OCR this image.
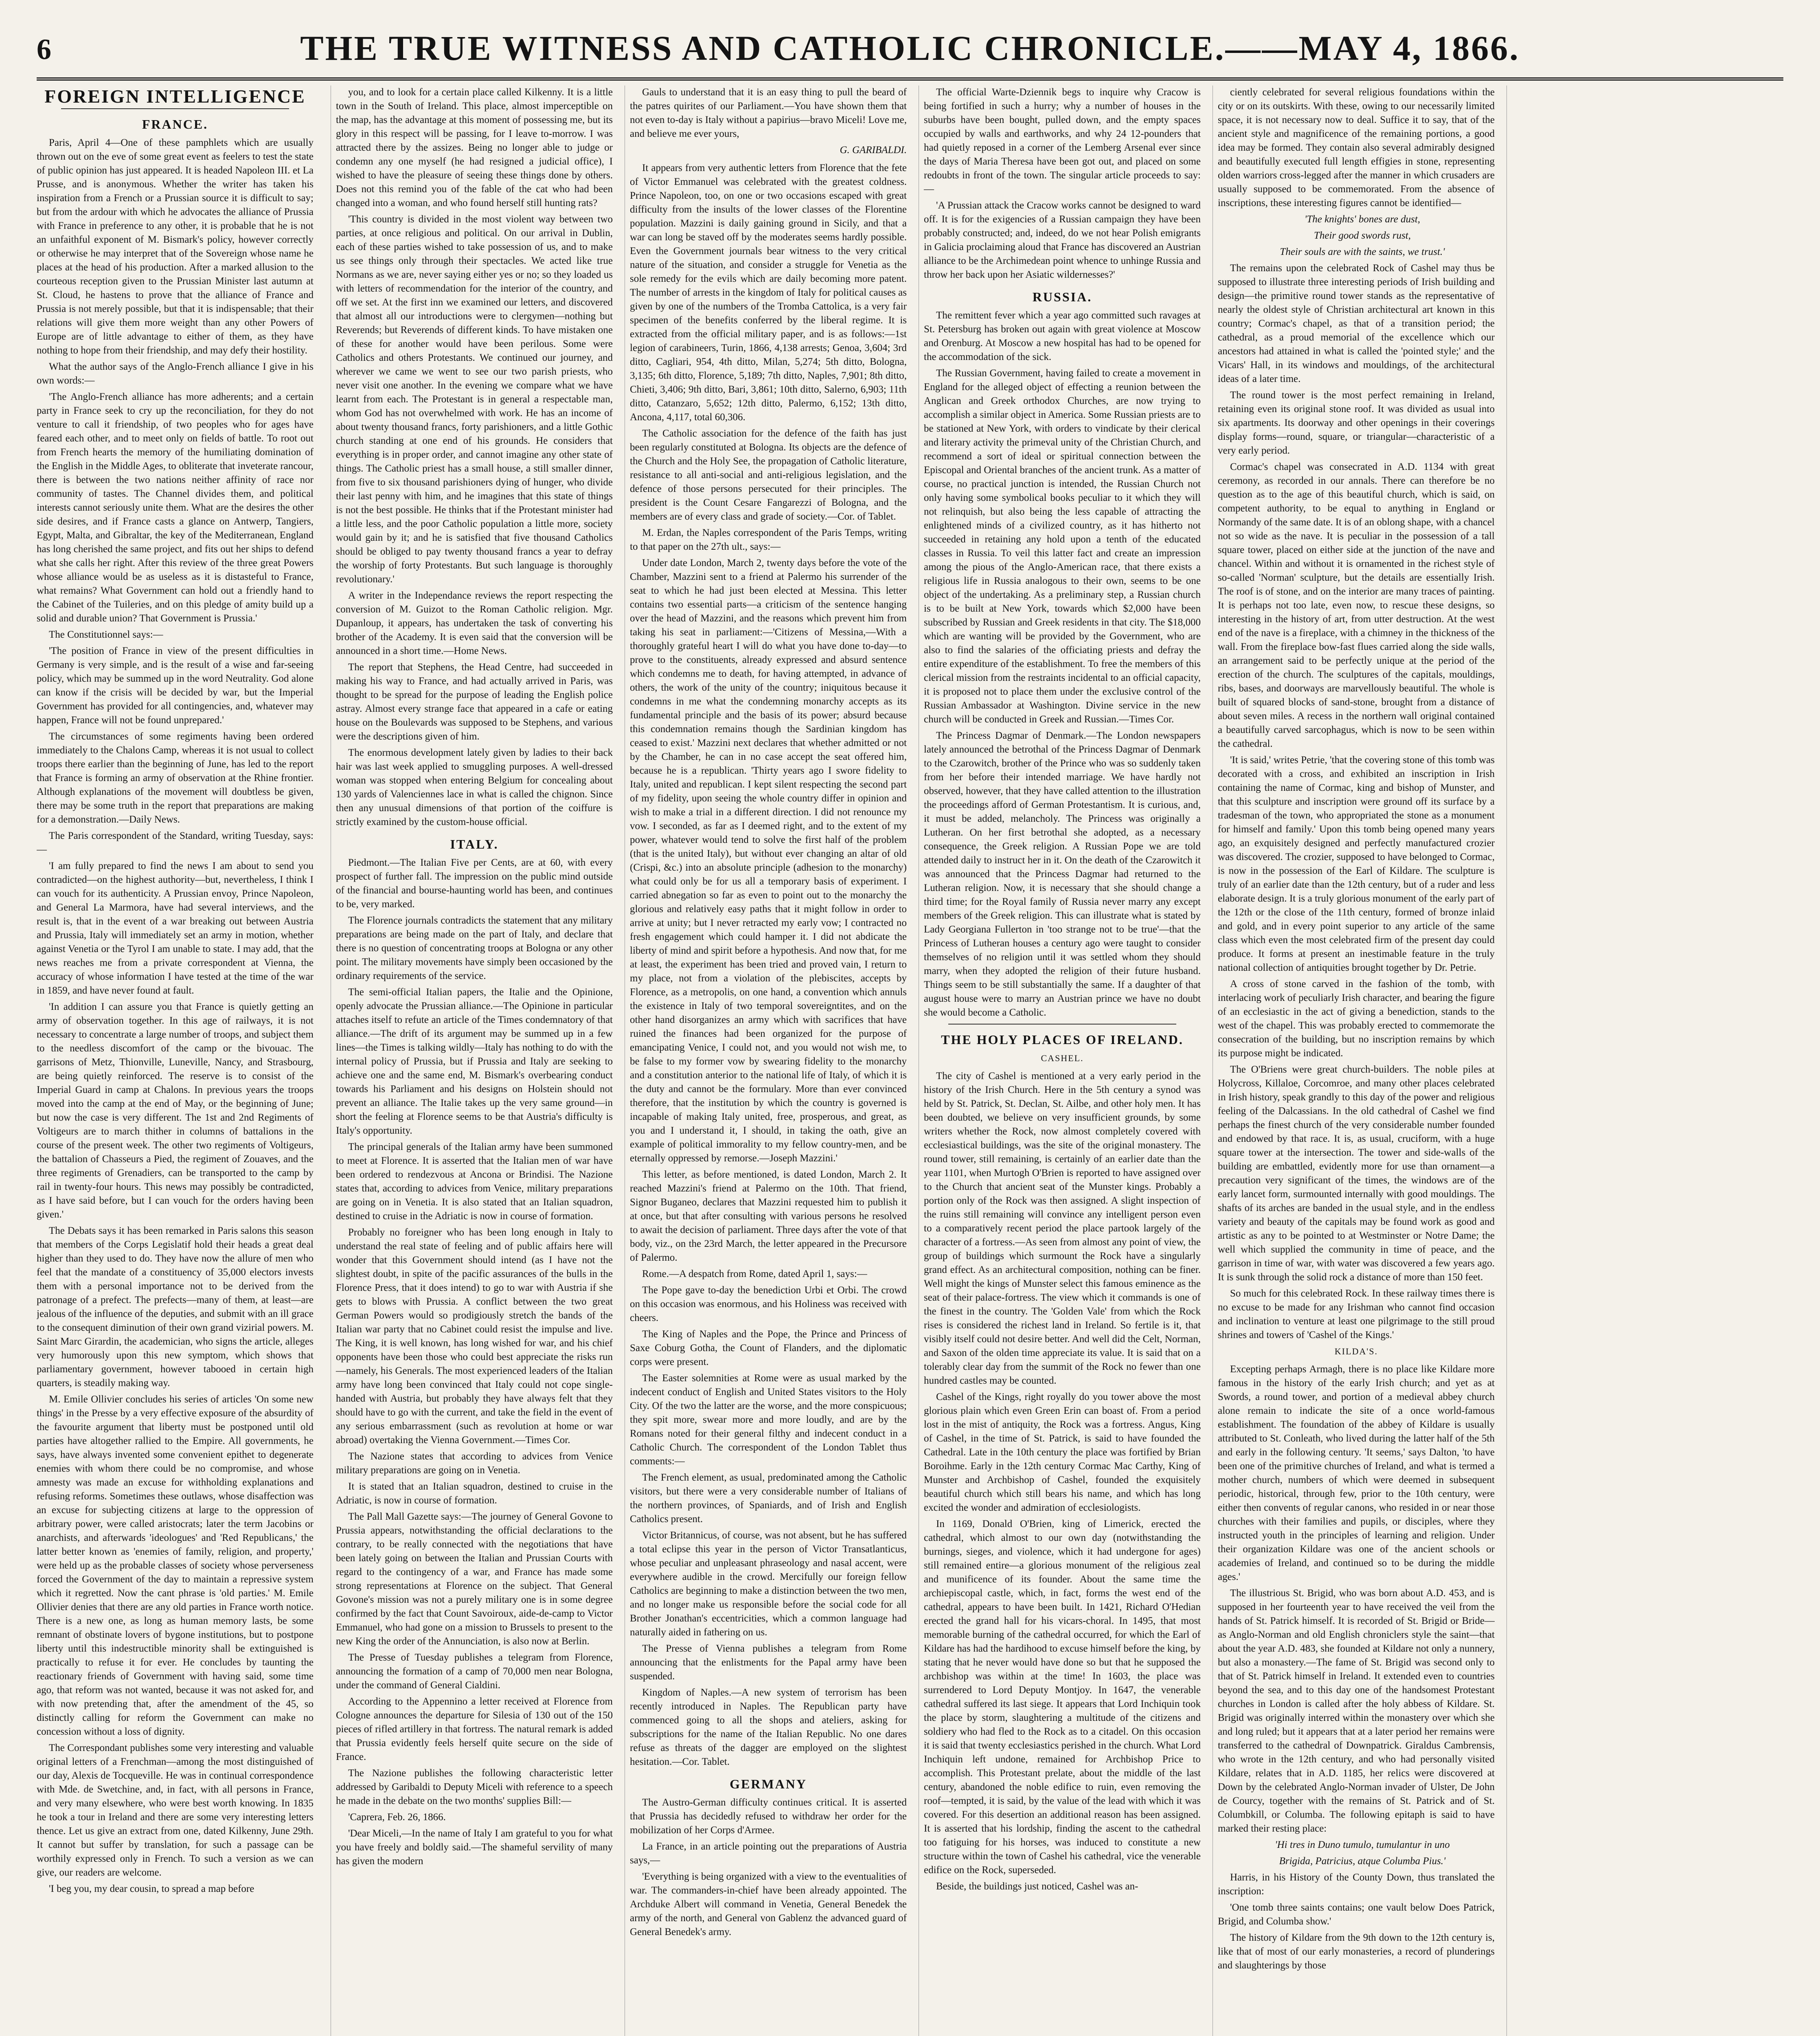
6	THE TRUE WITNESS AND CATHOLIC CHRONICLE.——MAY 4, 1866.
FOREIGN INTELLIGENCE
FRANCE.

Paris, April 4—One of these pamphlets which are usually thrown out on the eve of some great event as feelers to test the state of public opinion has just appeared. It is headed Napoleon III. et La Prusse, and is anonymous. Whether the writer has taken his inspiration from a French or a Prussian source it is difficult to say; but from the ardour with which he advocates the alliance of Prussia with France in preference to any other, it is probable that he is not an unfaithful exponent of M. Bismark's policy, however correctly or otherwise he may interpret that of the Sovereign whose name he places at the head of his production. After a marked allusion to the courteous reception given to the Prussian Minister last autumn at St. Cloud, he hastens to prove that the alliance of France and Prussia is not merely possible, but that it is indispensable; that their relations will give them more weight than any other Powers of Europe are of little advantage to either of them, as they have nothing to hope from their friendship, and may defy their hostility.

What the author says of the Anglo-French alliance I give in his own words:—

'The Anglo-French alliance has more adherents; and a certain party in France seek to cry up the reconciliation, for they do not venture to call it friendship, of two peoples who for ages have feared each other, and to meet only on fields of battle. To root out from French hearts the memory of the humiliating domination of the English in the Middle Ages, to obliterate that inveterate rancour, there is between the two nations neither affinity of race nor community of tastes. The Channel divides them, and political interests cannot seriously unite them. What are the desires the other side desires, and if France casts a glance on Antwerp, Tangiers, Egypt, Malta, and Gibraltar, the key of the Mediterranean, England has long cherished the same project, and fits out her ships to defend what she calls her right. After this review of the three great Powers whose alliance would be as useless as it is distasteful to France, what remains? What Government can hold out a friendly hand to the Cabinet of the Tuileries, and on this pledge of amity build up a solid and durable union? That Government is Prussia.'

The Constitutionnel says:—

'The position of France in view of the present difficulties in Germany is very simple, and is the result of a wise and far-seeing policy, which may be summed up in the word Neutrality. God alone can know if the crisis will be decided by war, but the Imperial Government has provided for all contingencies, and, whatever may happen, France will not be found unprepared.'

The circumstances of some regiments having been ordered immediately to the Chalons Camp, whereas it is not usual to collect troops there earlier than the beginning of June, has led to the report that France is forming an army of observation at the Rhine frontier. Although explanations of the movement will doubtless be given, there may be some truth in the report that preparations are making for a demonstration.—Daily News.

The Paris correspondent of the Standard, writing Tuesday, says:—

'I am fully prepared to find the news I am about to send you contradicted—on the highest authority—but, nevertheless, I think I can vouch for its authenticity. A Prussian envoy, Prince Napoleon, and General La Marmora, have had several interviews, and the result is, that in the event of a war breaking out between Austria and Prussia, Italy will immediately set an army in motion, whether against Venetia or the Tyrol I am unable to state. I may add, that the news reaches me from a private correspondent at Vienna, the accuracy of whose information I have tested at the time of the war in 1859, and have never found at fault.

'In addition I can assure you that France is quietly getting an army of observation together. In this age of railways, it is not necessary to concentrate a large number of troops, and subject them to the needless discomfort of the camp or the bivouac. The garrisons of Metz, Thionville, Luneville, Nancy, and Strasbourg, are being quietly reinforced. The reserve is to consist of the Imperial Guard in camp at Chalons. In previous years the troops moved into the camp at the end of May, or the beginning of June; but now the case is very different. The 1st and 2nd Regiments of Voltigeurs are to march thither in columns of battalions in the course of the present week. The other two regiments of Voltigeurs, the battalion of Chasseurs a Pied, the regiment of Zouaves, and the three regiments of Grenadiers, can be transported to the camp by rail in twenty-four hours. This news may possibly be contradicted, as I have said before, but I can vouch for the orders having been given.'

The Debats says it has been remarked in Paris salons this season that members of the Corps Legislatif hold their heads a great deal higher than they used to do. They have now the allure of men who feel that the mandate of a constituency of 35,000 electors invests them with a personal importance not to be derived from the patronage of a prefect. The prefects—many of them, at least—are jealous of the influence of the deputies, and submit with an ill grace to the consequent diminution of their own grand vizirial powers. M. Saint Marc Girardin, the academician, who signs the article, alleges very humorously upon this new symptom, which shows that parliamentary government, however tabooed in certain high quarters, is steadily making way.

M. Emile Ollivier concludes his series of articles 'On some new things' in the Presse by a very effective exposure of the absurdity of the favourite argument that liberty must be postponed until old parties have altogether rallied to the Empire. All governments, he says, have always invented some convenient epithet to degenerate enemies with whom there could be no compromise, and whose amnesty was made an excuse for withholding explanations and refusing reforms. Sometimes these outlaws, whose disaffection was an excuse for subjecting citizens at large to the oppression of arbitrary power, were called aristocrats; later the term Jacobins or anarchists, and afterwards 'ideologues' and 'Red Republicans,' the latter better known as 'enemies of family, religion, and property,' were held up as the probable classes of society whose perverseness forced the Government of the day to maintain a repressive system which it regretted. Now the cant phrase is 'old parties.' M. Emile Ollivier denies that there are any old parties in France worth notice. There is a new one, as long as human memory lasts, be some remnant of obstinate lovers of bygone institutions, but to postpone liberty until this indestructible minority shall be extinguished is practically to refuse it for ever. He concludes by taunting the reactionary friends of Government with having said, some time ago, that reform was not wanted, because it was not asked for, and with now pretending that, after the amendment of the 45, so distinctly calling for reform the Government can make no concession without a loss of dignity.

The Correspondant publishes some very interesting and valuable original letters of a Frenchman—among the most distinguished of our day, Alexis de Tocqueville. He was in continual correspondence with Mde. de Swetchine, and, in fact, with all persons in France, and very many elsewhere, who were best worth knowing. In 1835 he took a tour in Ireland and there are some very interesting letters thence. Let us give an extract from one, dated Kilkenny, June 29th. It cannot but suffer by translation, for such a passage can be worthily expressed only in French. To such a version as we can give, our readers are welcome.

'I beg you, my dear cousin, to spread a map before

you, and to look for a certain place called Kilkenny. It is a little town in the South of Ireland. This place, almost imperceptible on the map, has the advantage at this moment of possessing me, but its glory in this respect will be passing, for I leave to-morrow. I was attracted there by the assizes. Being no longer able to judge or condemn any one myself (he had resigned a judicial office), I wished to have the pleasure of seeing these things done by others. Does not this remind you of the fable of the cat who had been changed into a woman, and who found herself still hunting rats?

'This country is divided in the most violent way between two parties, at once religious and political. On our arrival in Dublin, each of these parties wished to take possession of us, and to make us see things only through their spectacles. We acted like true Normans as we are, never saying either yes or no; so they loaded us with letters of recommendation for the interior of the country, and off we set. At the first inn we examined our letters, and discovered that almost all our introductions were to clergymen—nothing but Reverends; but Reverends of different kinds. To have mistaken one of these for another would have been perilous. Some were Catholics and others Protestants. We continued our journey, and wherever we came we went to see our two parish priests, who never visit one another. In the evening we compare what we have learnt from each. The Protestant is in general a respectable man, whom God has not overwhelmed with work. He has an income of about twenty thousand francs, forty parishioners, and a little Gothic church standing at one end of his grounds. He considers that everything is in proper order, and cannot imagine any other state of things. The Catholic priest has a small house, a still smaller dinner, from five to six thousand parishioners dying of hunger, who divide their last penny with him, and he imagines that this state of things is not the best possible. He thinks that if the Protestant minister had a little less, and the poor Catholic population a little more, society would gain by it; and he is satisfied that five thousand Catholics should be obliged to pay twenty thousand francs a year to defray the worship of forty Protestants. But such language is thoroughly revolutionary.'

A writer in the Independance reviews the report respecting the conversion of M. Guizot to the Roman Catholic religion. Mgr. Dupanloup, it appears, has undertaken the task of converting his brother of the Academy. It is even said that the conversion will be announced in a short time.—Home News.

The report that Stephens, the Head Centre, had succeeded in making his way to France, and had actually arrived in Paris, was thought to be spread for the purpose of leading the English police astray. Almost every strange face that appeared in a cafe or eating house on the Boulevards was supposed to be Stephens, and various were the descriptions given of him.

The enormous development lately given by ladies to their back hair was last week applied to smuggling purposes. A well-dressed woman was stopped when entering Belgium for concealing about 130 yards of Valenciennes lace in what is called the chignon. Since then any unusual dimensions of that portion of the coiffure is strictly examined by the custom-house official.

ITALY.

Piedmont.—The Italian Five per Cents, are at 60, with every prospect of further fall. The impression on the public mind outside of the financial and bourse-haunting world has been, and continues to be, very marked.

The Florence journals contradicts the statement that any military preparations are being made on the part of Italy, and declare that there is no question of concentrating troops at Bologna or any other point. The military movements have simply been occasioned by the ordinary requirements of the service.

The semi-official Italian papers, the Italie and the Opinione, openly advocate the Prussian alliance.—The Opinione in particular attaches itself to refute an article of the Times condemnatory of that alliance.—The drift of its argument may be summed up in a few lines—the Times is talking wildly—Italy has nothing to do with the internal policy of Prussia, but if Prussia and Italy are seeking to achieve one and the same end, M. Bismark's overbearing conduct towards his Parliament and his designs on Holstein should not prevent an alliance. The Italie takes up the very same ground—in short the feeling at Florence seems to be that Austria's difficulty is Italy's opportunity.

The principal generals of the Italian army have been summoned to meet at Florence. It is asserted that the Italian men of war have been ordered to rendezvous at Ancona or Brindisi. The Nazione states that, according to advices from Venice, military preparations are going on in Venetia. It is also stated that an Italian squadron, destined to cruise in the Adriatic is now in course of formation.

Probably no foreigner who has been long enough in Italy to understand the real state of feeling and of public affairs here will wonder that this Government should intend (as I have not the slightest doubt, in spite of the pacific assurances of the bulls in the Florence Press, that it does intend) to go to war with Austria if she gets to blows with Prussia. A conflict between the two great German Powers would so prodigiously stretch the bands of the Italian war party that no Cabinet could resist the impulse and live. The King, it is well known, has long wished for war, and his chief opponents have been those who could best appreciate the risks run—namely, his Generals. The most experienced leaders of the Italian army have long been convinced that Italy could not cope single-handed with Austria, but probably they have always felt that they should have to go with the current, and take the field in the event of any serious embarrassment (such as revolution at home or war abroad) overtaking the Vienna Government.—Times Cor.

The Nazione states that according to advices from Venice military preparations are going on in Venetia.

It is stated that an Italian squadron, destined to cruise in the Adriatic, is now in course of formation.

The Pall Mall Gazette says:—The journey of General Govone to Prussia appears, notwithstanding the official declarations to the contrary, to be really connected with the negotiations that have been lately going on between the Italian and Prussian Courts with regard to the contingency of a war, and France has made some strong representations at Florence on the subject. That General Govone's mission was not a purely military one is in some degree confirmed by the fact that Count Savoiroux, aide-de-camp to Victor Emmanuel, who had gone on a mission to Brussels to present to the new King the order of the Annunciation, is also now at Berlin.

The Presse of Tuesday publishes a telegram from Florence, announcing the formation of a camp of 70,000 men near Bologna, under the command of General Cialdini.

According to the Appennino a letter received at Florence from Cologne announces the departure for Silesia of 130 out of the 150 pieces of rifled artillery in that fortress. The natural remark is added that Prussia evidently feels herself quite secure on the side of France.

The Nazione publishes the following characteristic letter addressed by Garibaldi to Deputy Miceli with reference to a speech he made in the debate on the two months' supplies Bill:—

'Caprera, Feb. 26, 1866.

'Dear Miceli,—In the name of Italy I am grateful to you for what you have freely and boldly said.—The shameful servility of many has given the modern

Gauls to understand that it is an easy thing to pull the beard of the patres quirites of our Parliament.—You have shown them that not even to-day is Italy without a papirius—bravo Miceli! Love me, and believe me ever yours,

G. GARIBALDI.

It appears from very authentic letters from Florence that the fete of Victor Emmanuel was celebrated with the greatest coldness. Prince Napoleon, too, on one or two occasions escaped with great difficulty from the insults of the lower classes of the Florentine population. Mazzini is daily gaining ground in Sicily, and that a war can long be staved off by the moderates seems hardly possible. Even the Government journals bear witness to the very critical nature of the situation, and consider a struggle for Venetia as the sole remedy for the evils which are daily becoming more patent. The number of arrests in the kingdom of Italy for political causes as given by one of the numbers of the Tromba Cattolica, is a very fair specimen of the benefits conferred by the liberal regime. It is extracted from the official military paper, and is as follows:—1st legion of carabineers, Turin, 1866, 4,138 arrests; Genoa, 3,604; 3rd ditto, Cagliari, 954, 4th ditto, Milan, 5,274; 5th ditto, Bologna, 3,135; 6th ditto, Florence, 5,189; 7th ditto, Naples, 7,901; 8th ditto, Chieti, 3,406; 9th ditto, Bari, 3,861; 10th ditto, Salerno, 6,903; 11th ditto, Catanzaro, 5,652; 12th ditto, Palermo, 6,152; 13th ditto, Ancona, 4,117, total 60,306.

The Catholic association for the defence of the faith has just been regularly constituted at Bologna. Its objects are the defence of the Church and the Holy See, the propagation of Catholic literature, resistance to all anti-social and anti-religious legislation, and the defence of those persons persecuted for their principles. The president is the Count Cesare Fangarezzi of Bologna, and the members are of every class and grade of society.—Cor. of Tablet.

M. Erdan, the Naples correspondent of the Paris Temps, writing to that paper on the 27th ult., says:—

Under date London, March 2, twenty days before the vote of the Chamber, Mazzini sent to a friend at Palermo his surrender of the seat to which he had just been elected at Messina. This letter contains two essential parts—a criticism of the sentence hanging over the head of Mazzini, and the reasons which prevent him from taking his seat in parliament:—'Citizens of Messina,—With a thoroughly grateful heart I will do what you have done to-day—to prove to the constituents, already expressed and absurd sentence which condemns me to death, for having attempted, in advance of others, the work of the unity of the country; iniquitous because it condemns in me what the condemning monarchy accepts as its fundamental principle and the basis of its power; absurd because this condemnation remains though the Sardinian kingdom has ceased to exist.' Mazzini next declares that whether admitted or not by the Chamber, he can in no case accept the seat offered him, because he is a republican. 'Thirty years ago I swore fidelity to Italy, united and republican. I kept silent respecting the second part of my fidelity, upon seeing the whole country differ in opinion and wish to make a trial in a different direction. I did not renounce my vow. I seconded, as far as I deemed right, and to the extent of my power, whatever would tend to solve the first half of the problem (that is the united Italy), but without ever changing an altar of old (Crispi, &c.) into an absolute principle (adhesion to the monarchy) what could only be for us all a temporary basis of experiment. I carried abnegation so far as even to point out to the monarchy the glorious and relatively easy paths that it might follow in order to arrive at unity; but I never retracted my early vow; I contracted no fresh engagement which could hamper it. I did not abdicate the liberty of mind and spirit before a hypothesis. And now that, for me at least, the experiment has been tried and proved vain, I return to my place, not from a violation of the plebiscites, accepts by Florence, as a metropolis, on one hand, a convention which annuls the existence in Italy of two temporal sovereigntites, and on the other hand disorganizes an army which with sacrifices that have ruined the finances had been organized for the purpose of emancipating Venice, I could not, and you would not wish me, to be false to my former vow by swearing fidelity to the monarchy and a constitution anterior to the national life of Italy, of which it is the duty and cannot be the formulary. More than ever convinced therefore, that the institution by which the country is governed is incapable of making Italy united, free, prosperous, and great, as you and I understand it, I should, in taking the oath, give an example of political immorality to my fellow country-men, and be eternally oppressed by remorse.—Joseph Mazzini.'

This letter, as before mentioned, is dated London, March 2. It reached Mazzini's friend at Palermo on the 10th. That friend, Signor Buganeo, declares that Mazzini requested him to publish it at once, but that after consulting with various persons he resolved to await the decision of parliament. Three days after the vote of that body, viz., on the 23rd March, the letter appeared in the Precursore of Palermo.

Rome.—A despatch from Rome, dated April 1, says:—

The Pope gave to-day the benediction Urbi et Orbi. The crowd on this occasion was enormous, and his Holiness was received with cheers.

The King of Naples and the Pope, the Prince and Princess of Saxe Coburg Gotha, the Count of Flanders, and the diplomatic corps were present.

The Easter solemnities at Rome were as usual marked by the indecent conduct of English and United States visitors to the Holy City. Of the two the latter are the worse, and the more conspicuous; they spit more, swear more and more loudly, and are by the Romans noted for their general filthy and indecent conduct in a Catholic Church. The correspondent of the London Tablet thus comments:—

The French element, as usual, predominated among the Catholic visitors, but there were a very considerable number of Italians of the northern provinces, of Spaniards, and of Irish and English Catholics present.

Victor Britannicus, of course, was not absent, but he has suffered a total eclipse this year in the person of Victor Transatlanticus, whose peculiar and unpleasant phraseology and nasal accent, were everywhere audible in the crowd. Mercifully our foreign fellow Catholics are beginning to make a distinction between the two men, and no longer make us responsible before the social code for all Brother Jonathan's eccentricities, which a common language had naturally aided in fathering on us.

The Presse of Vienna publishes a telegram from Rome announcing that the enlistments for the Papal army have been suspended.

Kingdom of Naples.—A new system of terrorism has been recently introduced in Naples. The Republican party have commenced going to all the shops and ateliers, asking for subscriptions for the name of the Italian Republic. No one dares refuse as threats of the dagger are employed on the slightest hesitation.—Cor. Tablet.

GERMANY

The Austro-German difficulty continues critical. It is asserted that Prussia has decidedly refused to withdraw her order for the mobilization of her Corps d'Armee.

La France, in an article pointing out the preparations of Austria says,—

'Everything is being organized with a view to the eventualities of war. The commanders-in-chief have been already appointed. The Archduke Albert will command in Venetia, General Benedek the army of the north, and General von Gablenz the advanced guard of General Benedek's army.

The official Warte-Dziennik begs to inquire why Cracow is being fortified in such a hurry; why a number of houses in the suburbs have been bought, pulled down, and the empty spaces occupied by walls and earthworks, and why 24 12-pounders that had quietly reposed in a corner of the Lemberg Arsenal ever since the days of Maria Theresa have been got out, and placed on some redoubts in front of the town. The singular article proceeds to say:—

'A Prussian attack the Cracow works cannot be designed to ward off. It is for the exigencies of a Russian campaign they have been probably constructed; and, indeed, do we not hear Polish emigrants in Galicia proclaiming aloud that France has discovered an Austrian alliance to be the Archimedean point whence to unhinge Russia and throw her back upon her Asiatic wildernesses?'

RUSSIA.

The remittent fever which a year ago committed such ravages at St. Petersburg has broken out again with great violence at Moscow and Orenburg. At Moscow a new hospital has had to be opened for the accommodation of the sick.

The Russian Government, having failed to create a movement in England for the alleged object of effecting a reunion between the Anglican and Greek orthodox Churches, are now trying to accomplish a similar object in America. Some Russian priests are to be stationed at New York, with orders to vindicate by their clerical and literary activity the primeval unity of the Christian Church, and recommend a sort of ideal or spiritual connection between the Episcopal and Oriental branches of the ancient trunk. As a matter of course, no practical junction is intended, the Russian Church not only having some symbolical books peculiar to it which they will not relinquish, but also being the less capable of attracting the enlightened minds of a civilized country, as it has hitherto not succeeded in retaining any hold upon a tenth of the educated classes in Russia. To veil this latter fact and create an impression among the pious of the Anglo-American race, that there exists a religious life in Russia analogous to their own, seems to be one object of the undertaking. As a preliminary step, a Russian church is to be built at New York, towards which $2,000 have been subscribed by Russian and Greek residents in that city. The $18,000 which are wanting will be provided by the Government, who are also to find the salaries of the officiating priests and defray the entire expenditure of the establishment. To free the members of this clerical mission from the restraints incidental to an official capacity, it is proposed not to place them under the exclusive control of the Russian Ambassador at Washington. Divine service in the new church will be conducted in Greek and Russian.—Times Cor.

The Princess Dagmar of Denmark.—The London newspapers lately announced the betrothal of the Princess Dagmar of Denmark to the Czarowitch, brother of the Prince who was so suddenly taken from her before their intended marriage. We have hardly not observed, however, that they have called attention to the illustration the proceedings afford of German Protestantism. It is curious, and, it must be added, melancholy. The Princess was originally a Lutheran. On her first betrothal she adopted, as a necessary consequence, the Greek religion. A Russian Pope we are told attended daily to instruct her in it. On the death of the Czarowitch it was announced that the Princess Dagmar had returned to the Lutheran religion. Now, it is necessary that she should change a third time; for the Royal family of Russia never marry any except members of the Greek religion. This can illustrate what is stated by Lady Georgiana Fullerton in 'too strange not to be true'—that the Princess of Lutheran houses a century ago were taught to consider themselves of no religion until it was settled whom they should marry, when they adopted the religion of their future husband. Things seem to be still substantially the same. If a daughter of that august house were to marry an Austrian prince we have no doubt she would become a Catholic.

THE HOLY PLACES OF IRELAND.
CASHEL.

The city of Cashel is mentioned at a very early period in the history of the Irish Church. Here in the 5th century a synod was held by St. Patrick, St. Declan, St. Ailbe, and other holy men. It has been doubted, we believe on very insufficient grounds, by some writers whether the Rock, now almost completely covered with ecclesiastical buildings, was the site of the original monastery. The round tower, still remaining, is certainly of an earlier date than the year 1101, when Murtogh O'Brien is reported to have assigned over to the Church that ancient seat of the Munster kings. Probably a portion only of the Rock was then assigned. A slight inspection of the ruins still remaining will convince any intelligent person even to a comparatively recent period the place partook largely of the character of a fortress.—As seen from almost any point of view, the group of buildings which surmount the Rock have a singularly grand effect. As an architectural composition, nothing can be finer. Well might the kings of Munster select this famous eminence as the seat of their palace-fortress. The view which it commands is one of the finest in the country. The 'Golden Vale' from which the Rock rises is considered the richest land in Ireland. So fertile is it, that visibly itself could not desire better. And well did the Celt, Norman, and Saxon of the olden time appreciate its value. It is said that on a tolerably clear day from the summit of the Rock no fewer than one hundred castles may be counted.

Cashel of the Kings, right royally do you tower above the most glorious plain which even Green Erin can boast of. From a period lost in the mist of antiquity, the Rock was a fortress. Angus, King of Cashel, in the time of St. Patrick, is said to have founded the Cathedral. Late in the 10th century the place was fortified by Brian Boroihme. Early in the 12th century Cormac Mac Carthy, King of Munster and Archbishop of Cashel, founded the exquisitely beautiful church which still bears his name, and which has long excited the wonder and admiration of ecclesiologists.

In 1169, Donald O'Brien, king of Limerick, erected the cathedral, which almost to our own day (notwithstanding the burnings, sieges, and violence, which it had undergone for ages) still remained entire—a glorious monument of the religious zeal and munificence of its founder. About the same time the archiepiscopal castle, which, in fact, forms the west end of the cathedral, appears to have been built. In 1421, Richard O'Hedian erected the grand hall for his vicars-choral. In 1495, that most memorable burning of the cathedral occurred, for which the Earl of Kildare has had the hardihood to excuse himself before the king, by stating that he never would have done so but that he supposed the archbishop was within at the time! In 1603, the place was surrendered to Lord Deputy Montjoy. In 1647, the venerable cathedral suffered its last siege. It appears that Lord Inchiquin took the place by storm, slaughtering a multitude of the citizens and soldiery who had fled to the Rock as to a citadel. On this occasion it is said that twenty ecclesiastics perished in the church. What Lord Inchiquin left undone, remained for Archbishop Price to accomplish. This Protestant prelate, about the middle of the last century, abandoned the noble edifice to ruin, even removing the roof—tempted, it is said, by the value of the lead with which it was covered. For this desertion an additional reason has been assigned. It is asserted that his lordship, finding the ascent to the cathedral too fatiguing for his horses, was induced to constitute a new structure within the town of Cashel his cathedral, vice the venerable edifice on the Rock, superseded.

Beside, the buildings just noticed, Cashel was an-

ciently celebrated for several religious foundations within the city or on its outskirts. With these, owing to our necessarily limited space, it is not necessary now to deal. Suffice it to say, that of the ancient style and magnificence of the remaining portions, a good idea may be formed. They contain also several admirably designed and beautifully executed full length effigies in stone, representing olden warriors cross-legged after the manner in which crusaders are usually supposed to be commemorated. From the absence of inscriptions, these interesting figures cannot be identified—

'The knights' bones are dust,

Their good swords rust,

Their souls are with the saints, we trust.'

The remains upon the celebrated Rock of Cashel may thus be supposed to illustrate three interesting periods of Irish building and design—the primitive round tower stands as the representative of nearly the oldest style of Christian architectural art known in this country; Cormac's chapel, as that of a transition period; the cathedral, as a proud memorial of the excellence which our ancestors had attained in what is called the 'pointed style;' and the Vicars' Hall, in its windows and mouldings, of the architectural ideas of a later time.

The round tower is the most perfect remaining in Ireland, retaining even its original stone roof. It was divided as usual into six apartments. Its doorway and other openings in their coverings display forms—round, square, or triangular—characteristic of a very early period.

Cormac's chapel was consecrated in A.D. 1134 with great ceremony, as recorded in our annals. There can therefore be no question as to the age of this beautiful church, which is said, on competent authority, to be equal to anything in England or Normandy of the same date. It is of an oblong shape, with a chancel not so wide as the nave. It is peculiar in the possession of a tall square tower, placed on either side at the junction of the nave and chancel. Within and without it is ornamented in the richest style of so-called 'Norman' sculpture, but the details are essentially Irish. The roof is of stone, and on the interior are many traces of painting. It is perhaps not too late, even now, to rescue these designs, so interesting in the history of art, from utter destruction. At the west end of the nave is a fireplace, with a chimney in the thickness of the wall. From the fireplace bow-fast flues carried along the side walls, an arrangement said to be perfectly unique at the period of the erection of the church. The sculptures of the capitals, mouldings, ribs, bases, and doorways are marvellously beautiful. The whole is built of squared blocks of sand-stone, brought from a distance of about seven miles. A recess in the northern wall original contained a beautifully carved sarcophagus, which is now to be seen within the cathedral.

'It is said,' writes Petrie, 'that the covering stone of this tomb was decorated with a cross, and exhibited an inscription in Irish containing the name of Cormac, king and bishop of Munster, and that this sculpture and inscription were ground off its surface by a tradesman of the town, who appropriated the stone as a monument for himself and family.' Upon this tomb being opened many years ago, an exquisitely designed and perfectly manufactured crozier was discovered. The crozier, supposed to have belonged to Cormac, is now in the possession of the Earl of Kildare. The sculpture is truly of an earlier date than the 12th century, but of a ruder and less elaborate design. It is a truly glorious monument of the early part of the 12th or the close of the 11th century, formed of bronze inlaid and gold, and in every point superior to any article of the same class which even the most celebrated firm of the present day could produce. It forms at present an inestimable feature in the truly national collection of antiquities brought together by Dr. Petrie.

A cross of stone carved in the fashion of the tomb, with interlacing work of peculiarly Irish character, and bearing the figure of an ecclesiastic in the act of giving a benediction, stands to the west of the chapel. This was probably erected to commemorate the consecration of the building, but no inscription remains by which its purpose might be indicated.

The O'Briens were great church-builders. The noble piles at Holycross, Killaloe, Corcomroe, and many other places celebrated in Irish history, speak grandly to this day of the power and religious feeling of the Dalcassians. In the old cathedral of Cashel we find perhaps the finest church of the very considerable number founded and endowed by that race. It is, as usual, cruciform, with a huge square tower at the intersection. The tower and side-walls of the building are embattled, evidently more for use than ornament—a precaution very significant of the times, the windows are of the early lancet form, surmounted internally with good mouldings. The shafts of its arches are banded in the usual style, and in the endless variety and beauty of the capitals may be found work as good and artistic as any to be pointed to at Westminster or Notre Dame; the well which supplied the community in time of peace, and the garrison in time of war, with water was discovered a few years ago. It is sunk through the solid rock a distance of more than 150 feet.

So much for this celebrated Rock. In these railway times there is no excuse to be made for any Irishman who cannot find occasion and inclination to venture at least one pilgrimage to the still proud shrines and towers of 'Cashel of the Kings.'

KILDA'S.

Excepting perhaps Armagh, there is no place like Kildare more famous in the history of the early Irish church; and yet as at Swords, a round tower, and portion of a medieval abbey church alone remain to indicate the site of a once world-famous establishment. The foundation of the abbey of Kildare is usually attributed to St. Conleath, who lived during the latter half of the 5th and early in the following century. 'It seems,' says Dalton, 'to have been one of the primitive churches of Ireland, and what is termed a mother church, numbers of which were deemed in subsequent periodic, historical, through few, prior to the 10th century, were either then convents of regular canons, who resided in or near those churches with their families and pupils, or disciples, where they instructed youth in the principles of learning and religion. Under their organization Kildare was one of the ancient schools or academies of Ireland, and continued so to be during the middle ages.'

The illustrious St. Brigid, who was born about A.D. 453, and is supposed in her fourteenth year to have received the veil from the hands of St. Patrick himself. It is recorded of St. Brigid or Bride—as Anglo-Norman and old English chroniclers style the saint—that about the year A.D. 483, she founded at Kildare not only a nunnery, but also a monastery.—The fame of St. Brigid was second only to that of St. Patrick himself in Ireland. It extended even to countries beyond the sea, and to this day one of the handsomest Protestant churches in London is called after the holy abbess of Kildare. St. Brigid was originally interred within the monastery over which she and long ruled; but it appears that at a later period her remains were transferred to the cathedral of Downpatrick. Giraldus Cambrensis, who wrote in the 12th century, and who had personally visited Kildare, relates that in A.D. 1185, her relics were discovered at Down by the celebrated Anglo-Norman invader of Ulster, De John de Courcy, together with the remains of St. Patrick and of St. Columbkill, or Columba. The following epitaph is said to have marked their resting place:

'Hi tres in Duno tumulo, tumulantur in uno

Brigida, Patricius, atque Columba Pius.'

Harris, in his History of the County Down, thus translated the inscription:

'One tomb three saints contains; one vault below Does Patrick, Brigid, and Columba show.'

The history of Kildare from the 9th down to the 12th century is, like that of most of our early monasteries, a record of plunderings and slaughterings by those
